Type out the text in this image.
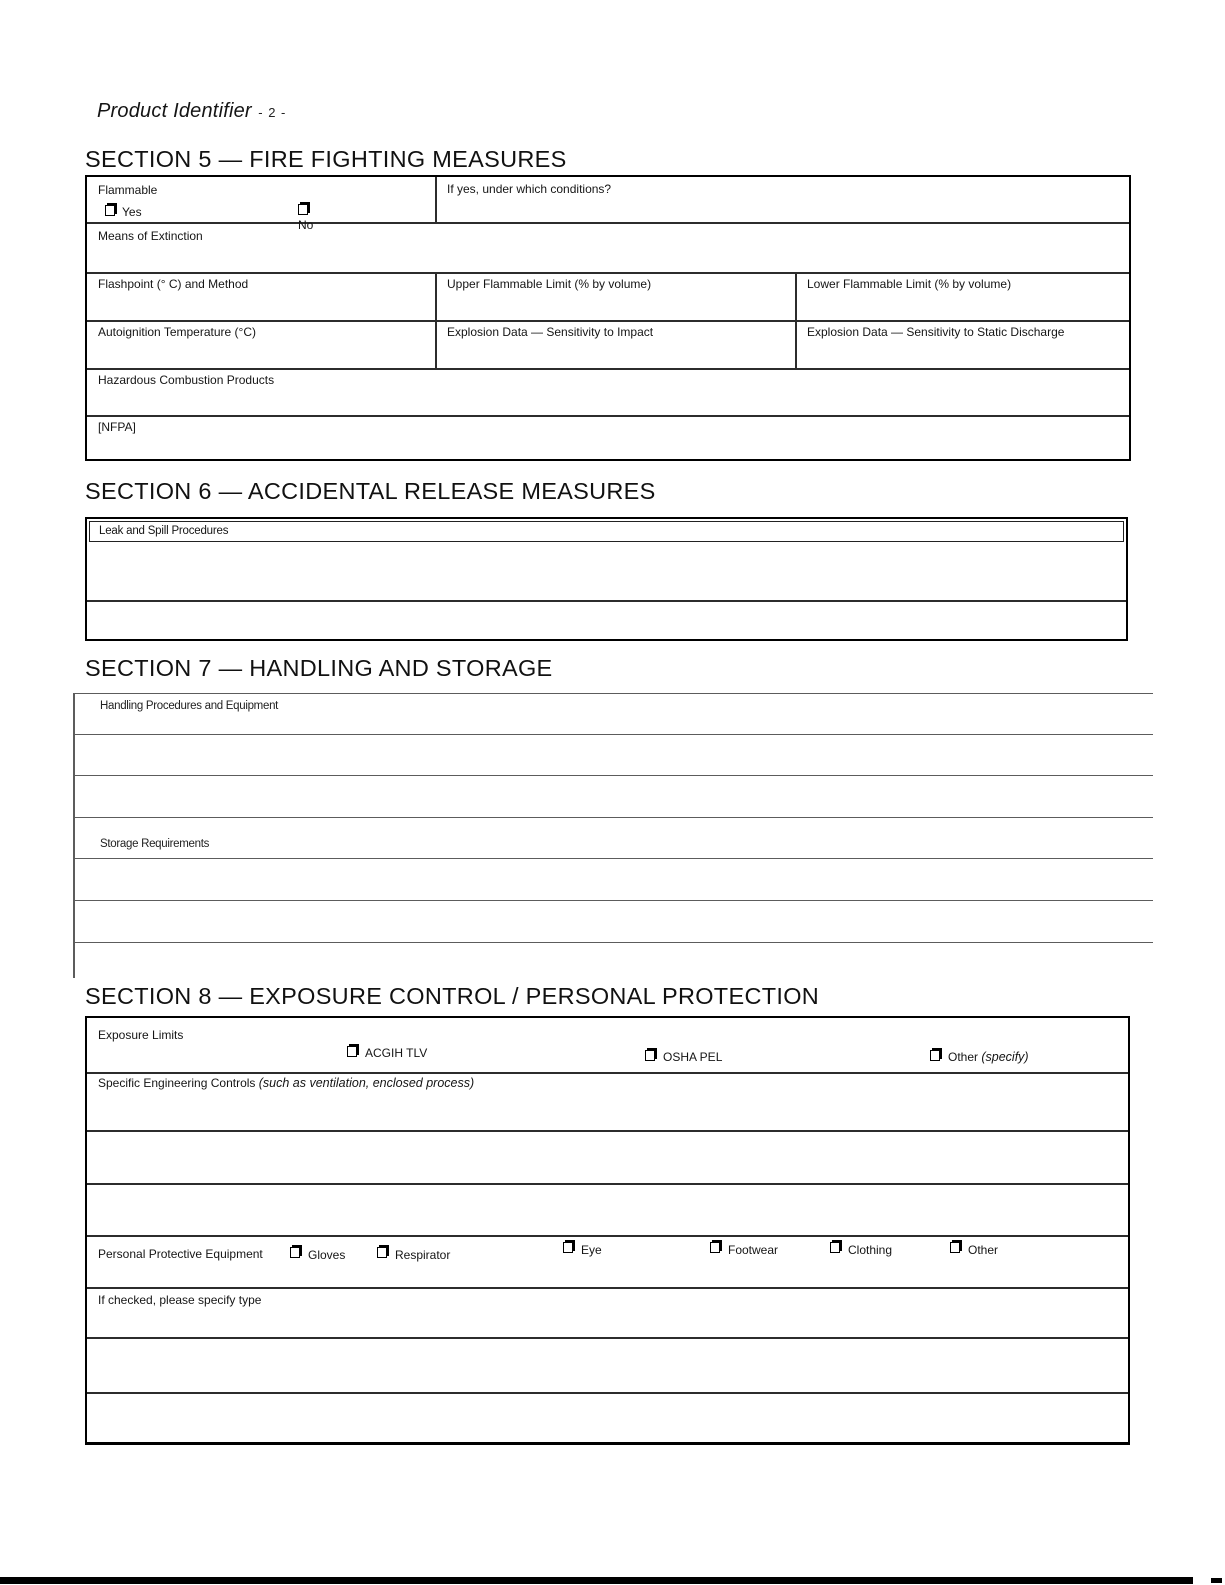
Product Identifier - 2 -
SECTION 5 — FIRE FIGHTING MEASURES
Flammable
Yes
No
If yes, under which conditions?
Means of Extinction
Flashpoint (° C) and Method	Upper Flammable Limit (% by volume)	Lower Flammable Limit (% by volume)
Autoignition Temperature (°C)	Explosion Data — Sensitivity to Impact	Explosion Data — Sensitivity to Static Discharge
Hazardous Combustion Products
[NFPA]
SECTION 6 — ACCIDENTAL RELEASE MEASURES
Leak and Spill Procedures
SECTION 7 — HANDLING AND STORAGE
Handling Procedures and Equipment
Storage Requirements
SECTION 8 — EXPOSURE CONTROL / PERSONAL PROTECTION
Exposure Limits
ACGIH TLV	OSHA PEL	Other (specify)
Specific Engineering Controls (such as ventilation, enclosed process)
Personal Protective Equipment	Gloves	Respirator	Eye	Footwear	Clothing	Other
If checked, please specify type
